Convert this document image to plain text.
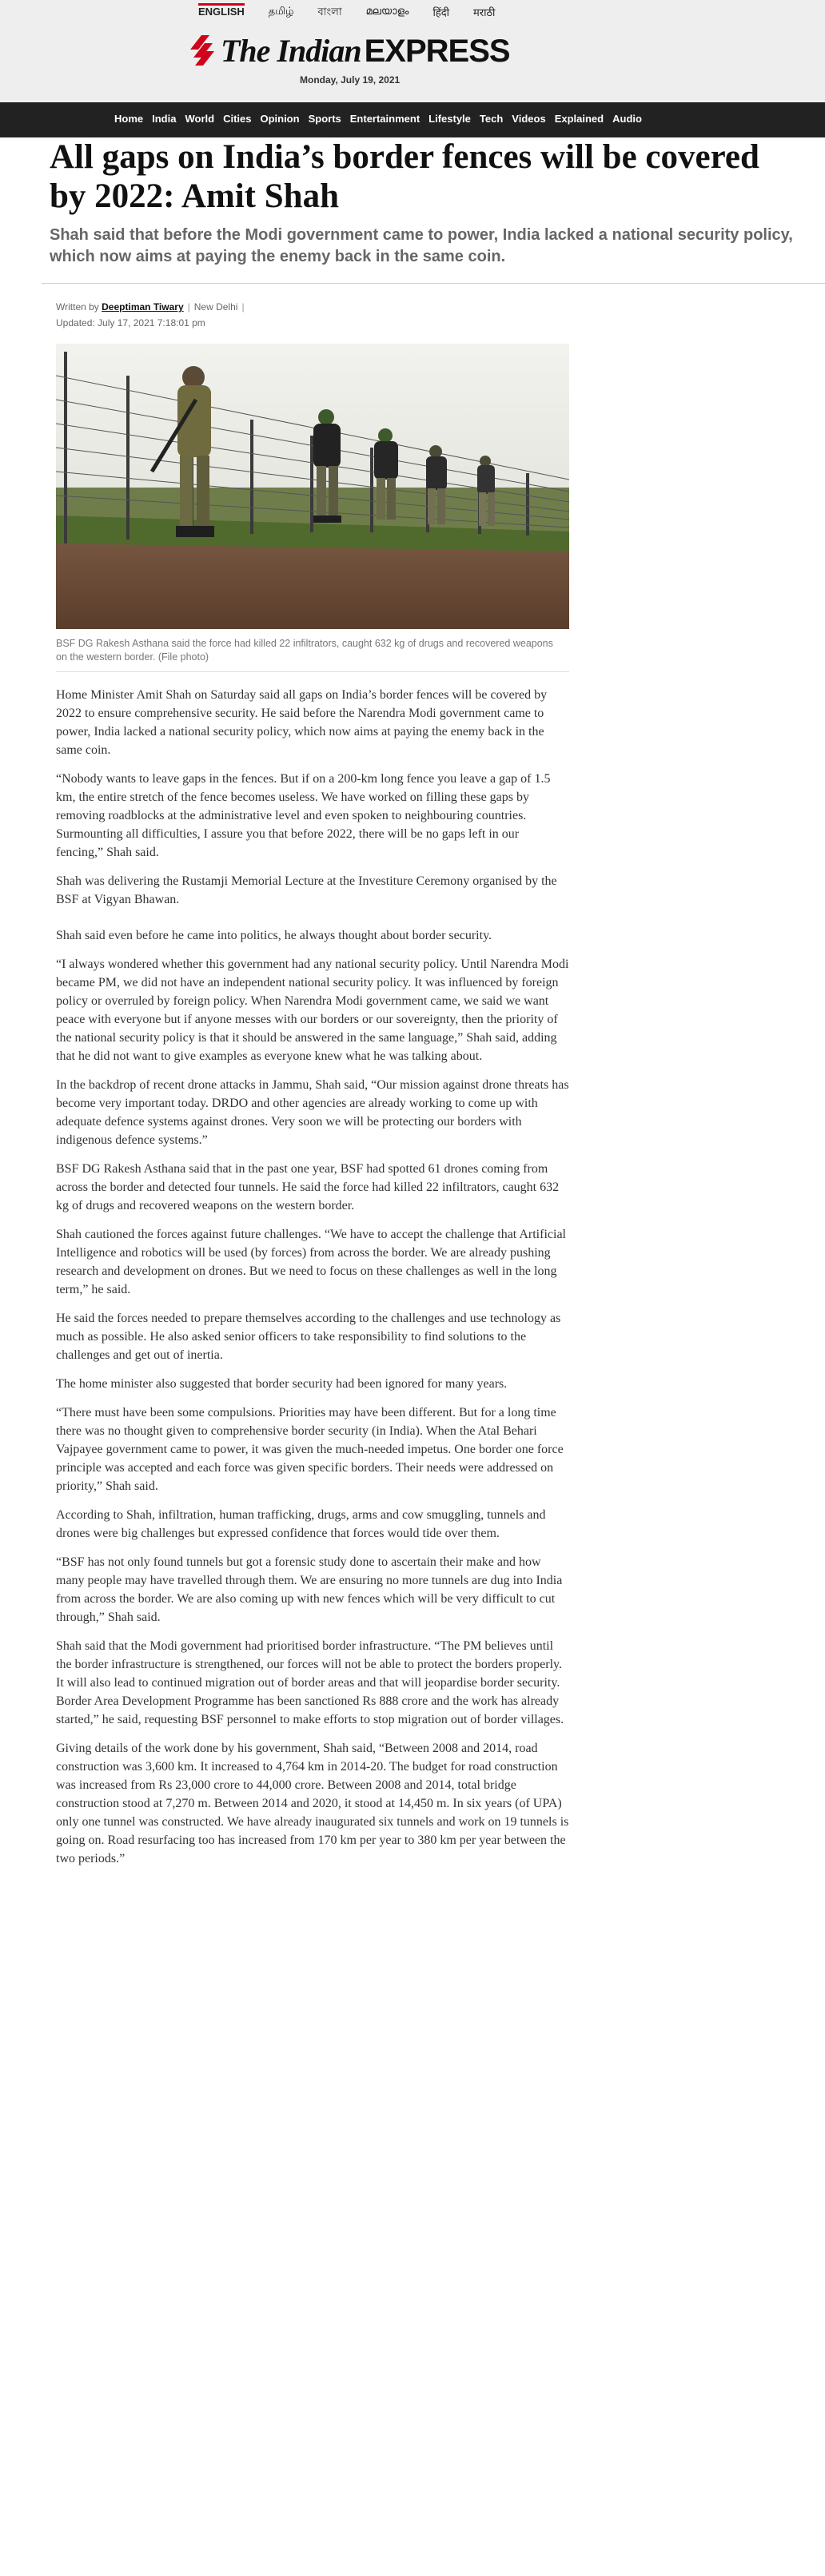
ENGLISH தமிழ் বাংলা മലയാളം हिंदी मराठी
The Indian EXPRESS
Monday, July 19, 2021
Home India World Cities Opinion Sports Entertainment Lifestyle Tech Videos Explained Audio
All gaps on India’s border fences will be covered by 2022: Amit Shah
Shah said that before the Modi government came to power, India lacked a national security policy, which now aims at paying the enemy back in the same coin.
Written by Deeptiman Tiwary | New Delhi |
Updated: July 17, 2021 7:18:01 pm
BSF DG Rakesh Asthana said the force had killed 22 infiltrators, caught 632 kg of drugs and recovered weapons on the western border. (File photo)

Home Minister Amit Shah on Saturday said all gaps on India’s border fences will be covered by 2022 to ensure comprehensive security. He said before the Narendra Modi government came to power, India lacked a national security policy, which now aims at paying the enemy back in the same coin.

“Nobody wants to leave gaps in the fences. But if on a 200-km long fence you leave a gap of 1.5 km, the entire stretch of the fence becomes useless. We have worked on filling these gaps by removing roadblocks at the administrative level and even spoken to neighbouring countries. Surmounting all difficulties, I assure you that before 2022, there will be no gaps left in our fencing,” Shah said.

Shah was delivering the Rustamji Memorial Lecture at the Investiture Ceremony organised by the BSF at Vigyan Bhawan.

Shah said even before he came into politics, he always thought about border security.

“I always wondered whether this government had any national security policy. Until Narendra Modi became PM, we did not have an independent national security policy. It was influenced by foreign policy or overruled by foreign policy. When Narendra Modi government came, we said we want peace with everyone but if anyone messes with our borders or our sovereignty, then the priority of the national security policy is that it should be answered in the same language,” Shah said, adding that he did not want to give examples as everyone knew what he was talking about.

In the backdrop of recent drone attacks in Jammu, Shah said, “Our mission against drone threats has become very important today. DRDO and other agencies are already working to come up with adequate defence systems against drones. Very soon we will be protecting our borders with indigenous defence systems.”

BSF DG Rakesh Asthana said that in the past one year, BSF had spotted 61 drones coming from across the border and detected four tunnels. He said the force had killed 22 infiltrators, caught 632 kg of drugs and recovered weapons on the western border.

Shah cautioned the forces against future challenges. “We have to accept the challenge that Artificial Intelligence and robotics will be used (by forces) from across the border. We are already pushing research and development on drones. But we need to focus on these challenges as well in the long term,” he said.

He said the forces needed to prepare themselves according to the challenges and use technology as much as possible. He also asked senior officers to take responsibility to find solutions to the challenges and get out of inertia.

The home minister also suggested that border security had been ignored for many years.

“There must have been some compulsions. Priorities may have been different. But for a long time there was no thought given to comprehensive border security (in India). When the Atal Behari Vajpayee government came to power, it was given the much-needed impetus. One border one force principle was accepted and each force was given specific borders. Their needs were addressed on priority,” Shah said.

According to Shah, infiltration, human trafficking, drugs, arms and cow smuggling, tunnels and drones were big challenges but expressed confidence that forces would tide over them.

“BSF has not only found tunnels but got a forensic study done to ascertain their make and how many people may have travelled through them. We are ensuring no more tunnels are dug into India from across the border. We are also coming up with new fences which will be very difficult to cut through,” Shah said.

Shah said that the Modi government had prioritised border infrastructure. “The PM believes until the border infrastructure is strengthened, our forces will not be able to protect the borders properly. It will also lead to continued migration out of border areas and that will jeopardise border security. Border Area Development Programme has been sanctioned Rs 888 crore and the work has already started,” he said, requesting BSF personnel to make efforts to stop migration out of border villages.

Giving details of the work done by his government, Shah said, “Between 2008 and 2014, road construction was 3,600 km. It increased to 4,764 km in 2014-20. The budget for road construction was increased from Rs 23,000 crore to 44,000 crore. Between 2008 and 2014, total bridge construction stood at 7,270 m. Between 2014 and 2020, it stood at 14,450 m. In six years (of UPA) only one tunnel was constructed. We have already inaugurated six tunnels and work on 19 tunnels is going on. Road resurfacing too has increased from 170 km per year to 380 km per year between the two periods.”
